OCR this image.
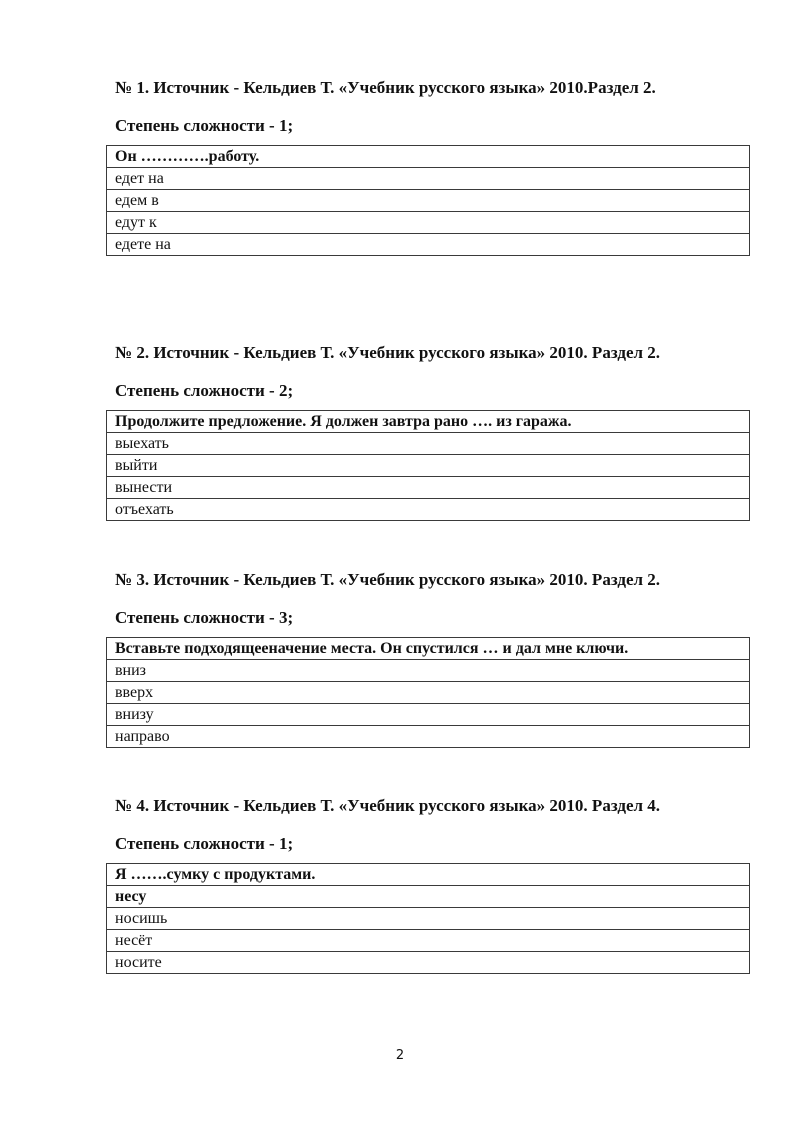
№ 1. Источник - Кельдиев Т. «Учебник русского языка» 2010.Раздел 2.
Степень сложности - 1;
Он ………….работу.
едет на
едем в
едут к
едете на
№ 2. Источник - Кельдиев Т. «Учебник русского языка» 2010. Раздел 2.
Степень сложности - 2;
Продолжите предложение. Я должен завтра рано …. из гаража.
выехать
выйти
вынести
отъехать
№ 3. Источник - Кельдиев Т. «Учебник русского языка» 2010. Раздел 2.
Степень сложности - 3;
Вставьте подходящееначение места. Он спустился … и дал мне ключи.
вниз
вверх
внизу
направо
№ 4. Источник - Кельдиев Т. «Учебник русского языка» 2010. Раздел 4.
Степень сложности - 1;
Я …….сумку с продуктами.
несу
носишь
несёт
носите
2
